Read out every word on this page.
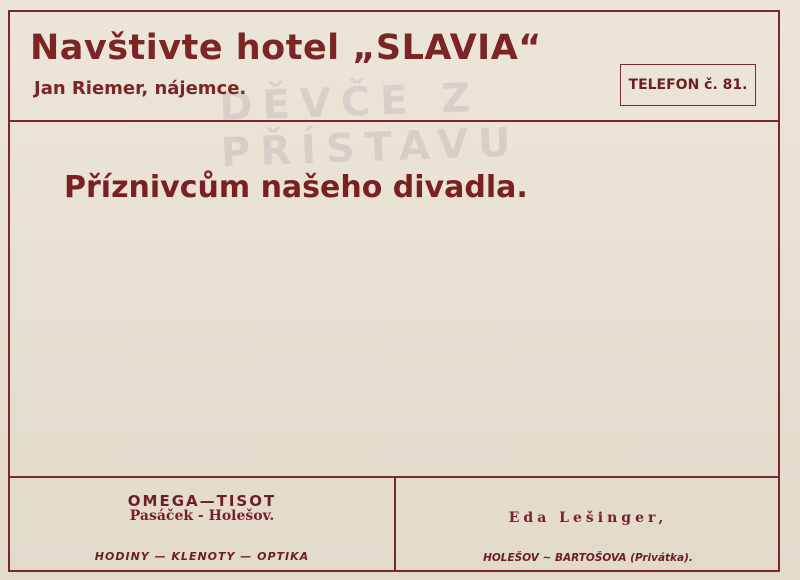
DĚVČE Z PŘÍSTAVU
Navštivte hotel „SLAVIA“
Jan Riemer, nájemce.	TELEFON č. 81.
Příznivcům našeho divadla.
OMEGA—TISOT
Pasáček - Holešov.
HODINY — KLENOTY — OPTIKA
Eda Lešinger,
HOLEŠOV ~ BARTOŠOVA (Privátka).
